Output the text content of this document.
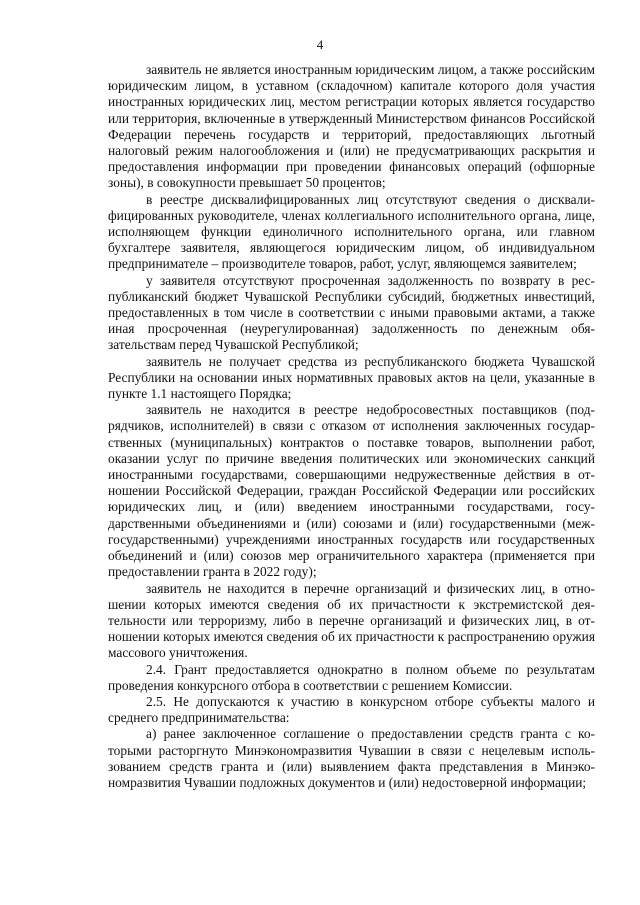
4

заявитель не является иностранным юридическим лицом, а также российским юридическим лицом, в уставном (складочном) капитале которого доля участия иностранных юридических лиц, местом регистрации которых является государство или территория, включенные в утвержденный Министерством финансов Российской Федерации перечень государств и территорий, предоставляющих льготный налоговый режим налогообложения и (или) не предусматривающих раскрытия и предоставления информации при проведении финансовых операций (офшорные зоны), в совокупности превышает 50 процентов;

в реестре дисквалифицированных лиц отсутствуют сведения о дисквалифицированных руководителе, членах коллегиального исполнительного органа, лице, исполняющем функции единоличного исполнительного органа, или главном бухгалтере заявителя, являющегося юридическим лицом, об индивидуальном предпринимателе – производителе товаров, работ, услуг, являющемся заявителем;

у заявителя отсутствуют просроченная задолженность по возврату в республиканский бюджет Чувашской Республики субсидий, бюджетных инвестиций, предоставленных в том числе в соответствии с иными правовыми актами, а также иная просроченная (неурегулированная) задолженность по денежным обязательствам перед Чувашской Республикой;

заявитель не получает средства из республиканского бюджета Чувашской Республики на основании иных нормативных правовых актов на цели, указанные в пункте 1.1 настоящего Порядка;

заявитель не находится в реестре недобросовестных поставщиков (подрядчиков, исполнителей) в связи с отказом от исполнения заключенных государственных (муниципальных) контрактов о поставке товаров, выполнении работ, оказании услуг по причине введения политических или экономических санкций иностранными государствами, совершающими недружественные действия в отношении Российской Федерации, граждан Российской Федерации или российских юридических лиц, и (или) введением иностранными государствами, государственными объединениями и (или) союзами и (или) государственными (межгосударственными) учреждениями иностранных государств или государственных объединений и (или) союзов мер ограничительного характера (применяется при предоставлении гранта в 2022 году);

заявитель не находится в перечне организаций и физических лиц, в отношении которых имеются сведения об их причастности к экстремистской деятельности или терроризму, либо в перечне организаций и физических лиц, в отношении которых имеются сведения об их причастности к распространению оружия массового уничтожения.

2.4. Грант предоставляется однократно в полном объеме по результатам проведения конкурсного отбора в соответствии с решением Комиссии.

2.5. Не допускаются к участию в конкурсном отборе субъекты малого и среднего предпринимательства:

а) ранее заключенное соглашение о предоставлении средств гранта с которыми расторгнуто Минэкономразвития Чувашии в связи с нецелевым использованием средств гранта и (или) выявлением факта представления в Минэкономразвития Чувашии подложных документов и (или) недостоверной информации;
